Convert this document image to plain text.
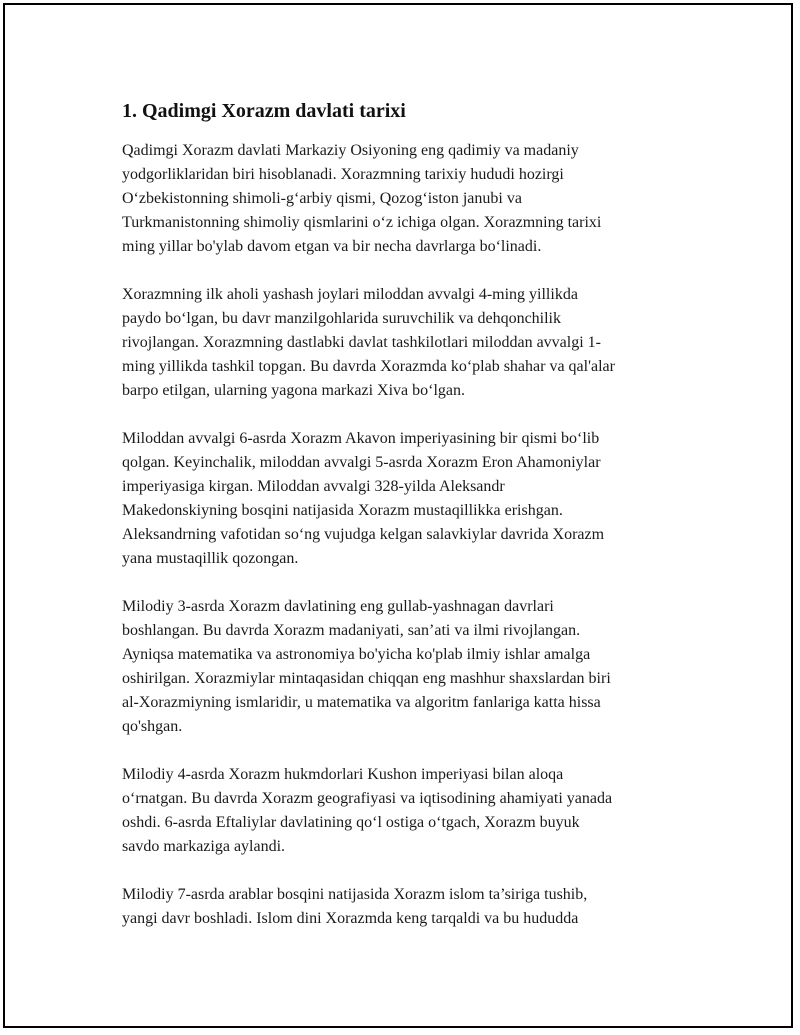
1. Qadimgi Xorazm davlati tarixi
Qadimgi Xorazm davlati Markaziy Osiyoning eng qadimiy va madaniy
yodgorliklaridan biri hisoblanadi. Xorazmning tarixiy hududi hozirgi
O‘zbekistonning shimoli-g‘arbiy qismi, Qozog‘iston janubi va
Turkmanistonning shimoliy qismlarini o‘z ichiga olgan. Xorazmning tarixi
ming yillar bo'ylab davom etgan va bir necha davrlarga bo‘linadi.
Xorazmning ilk aholi yashash joylari miloddan avvalgi 4-ming yillikda
paydo bo‘lgan, bu davr manzilgohlarida suruvchilik va dehqonchilik
rivojlangan. Xorazmning dastlabki davlat tashkilotlari miloddan avvalgi 1-
ming yillikda tashkil topgan. Bu davrda Xorazmda ko‘plab shahar va qal'alar
barpo etilgan, ularning yagona markazi Xiva bo‘lgan.
Miloddan avvalgi 6-asrda Xorazm Akavon imperiyasining bir qismi bo‘lib
qolgan. Keyinchalik, miloddan avvalgi 5-asrda Xorazm Eron Ahamoniylar
imperiyasiga kirgan. Miloddan avvalgi 328-yilda Aleksandr
Makedonskiyning bosqini natijasida Xorazm mustaqillikka erishgan.
Aleksandrning vafotidan so‘ng vujudga kelgan salavkiylar davrida Xorazm
yana mustaqillik qozongan.
Milodiy 3-asrda Xorazm davlatining eng gullab-yashnagan davrlari
boshlangan. Bu davrda Xorazm madaniyati, san’ati va ilmi rivojlangan.
Ayniqsa matematika va astronomiya bo'yicha ko'plab ilmiy ishlar amalga
oshirilgan. Xorazmiylar mintaqasidan chiqqan eng mashhur shaxslardan biri
al-Xorazmiyning ismlaridir, u matematika va algoritm fanlariga katta hissa
qo'shgan.
Milodiy 4-asrda Xorazm hukmdorlari Kushon imperiyasi bilan aloqa
o‘rnatgan. Bu davrda Xorazm geografiyasi va iqtisodining ahamiyati yanada
oshdi. 6-asrda Eftaliylar davlatining qo‘l ostiga o‘tgach, Xorazm buyuk
savdo markaziga aylandi.
Milodiy 7-asrda arablar bosqini natijasida Xorazm islom ta’siriga tushib,
yangi davr boshladi. Islom dini Xorazmda keng tarqaldi va bu hududda
